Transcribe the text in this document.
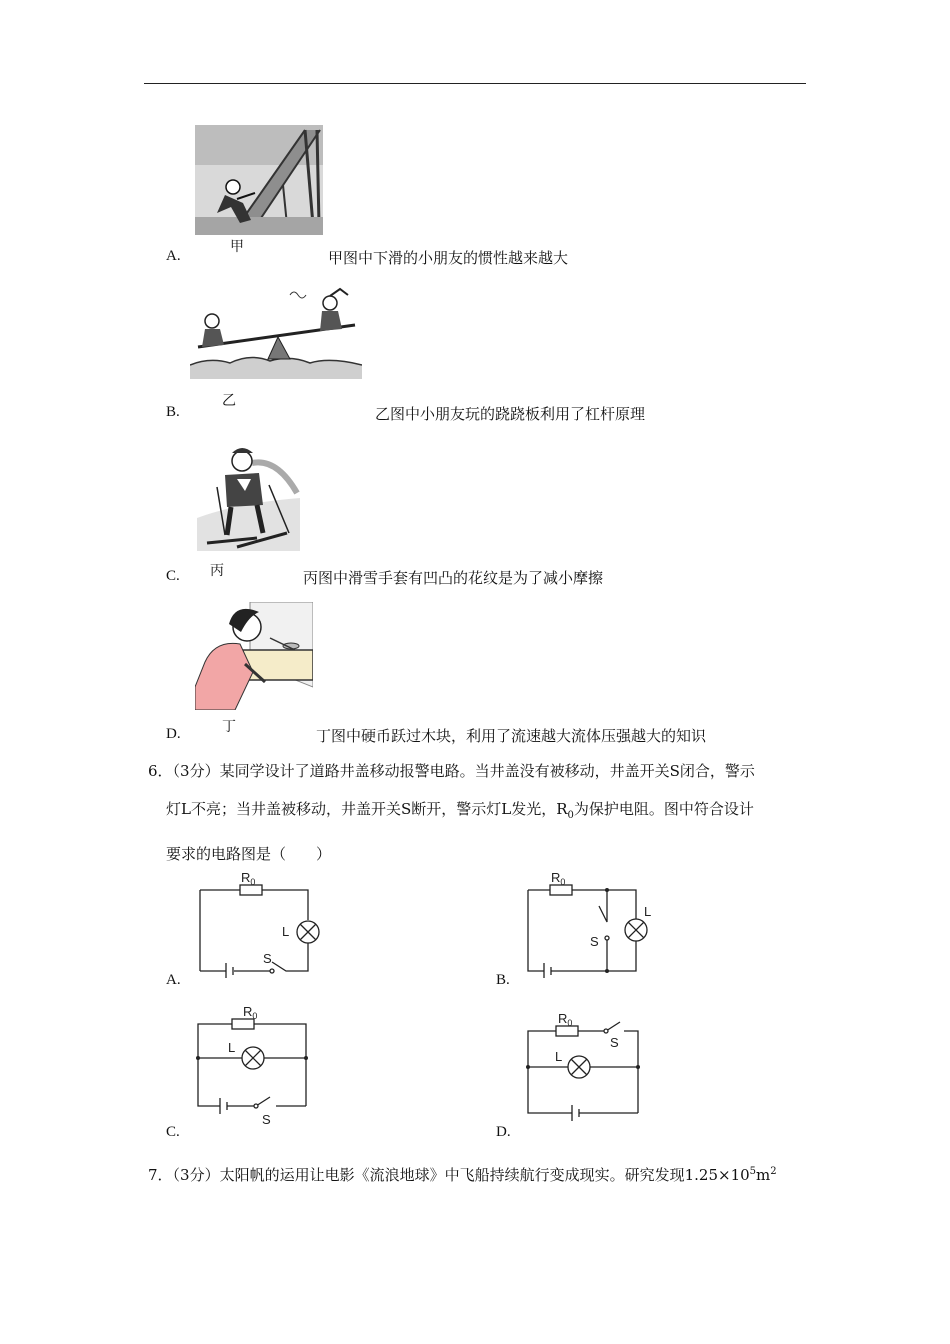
甲
A.	甲图中下滑的小朋友的惯性越来越大
乙
B.	乙图中小朋友玩的跷跷板利用了杠杆原理
丙
C.	丙图中滑雪手套有凹凸的花纹是为了减小摩擦
丁
D.	丁图中硬币跃过木块，利用了流速越大流体压强越大的知识
6．（3分）某同学设计了道路井盖移动报警电路。当井盖没有被移动，井盖开关S闭合，警示
灯L不亮；当井盖被移动，井盖开关S断开，警示灯L发光，$R_0$为保护电阻。图中符合设计
要求的电路图是（　　）
$R_0$
L
S
A.
$R_0$
L
S
B.
$R_0$
L
S
C.
$R_0$
L
S
D.
7．（3分）太阳帆的运用让电影《流浪地球》中飞船持续航行变成现实。研究发现$1.25\times 10^5m^2$
